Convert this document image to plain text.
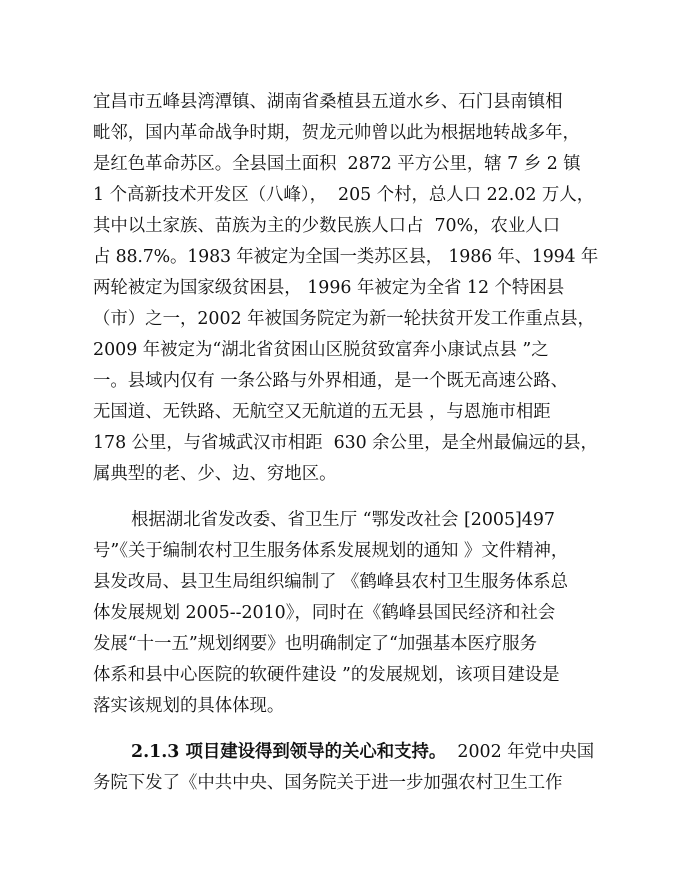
宜昌市五峰县湾潭镇、湖南省桑植县五道水乡、石门县南镇相

毗邻，国内革命战争时期，贺龙元帅曾以此为根据地转战多年，

是红色革命苏区。全县国土面积  2872 平方公里，辖 7 乡 2 镇

1 个高新技术开发区（八峰），  205 个村，总人口 22.02 万人，

其中以土家族、苗族为主的少数民族人口占  70%，农业人口

占 88.7%。1983 年被定为全国一类苏区县， 1986 年、1994 年

两轮被定为国家级贫困县， 1996 年被定为全省 12 个特困县

（市）之一，2002 年被国务院定为新一轮扶贫开发工作重点县，

2009 年被定为“湖北省贫困山区脱贫致富奔小康试点县 ”之

一。县域内仅有 一条公路与外界相通，是一个既无高速公路、

无国道、无铁路、无航空又无航道的五无县 ，与恩施市相距

178 公里，与省城武汉市相距  630 余公里，是全州最偏远的县，

属典型的老、少、边、穷地区。

根据湖北省发改委、省卫生厅 “鄂发改社会 [2005]497

号”《关于编制农村卫生服务体系发展规划的通知 》文件精神，

县发改局、县卫生局组织编制了 《鹤峰县农村卫生服务体系总

体发展规划 2005--2010》，同时在《鹤峰县国民经济和社会

发展“十一五”规划纲要》也明确制定了“加强基本医疗服务

体系和县中心医院的软硬件建设 ”的发展规划，该项目建设是

落实该规划的具体体现。

2.1.3 项目建设得到领导的关心和支持。  2002 年党中央国

务院下发了《中共中央、国务院关于进一步加强农村卫生工作
